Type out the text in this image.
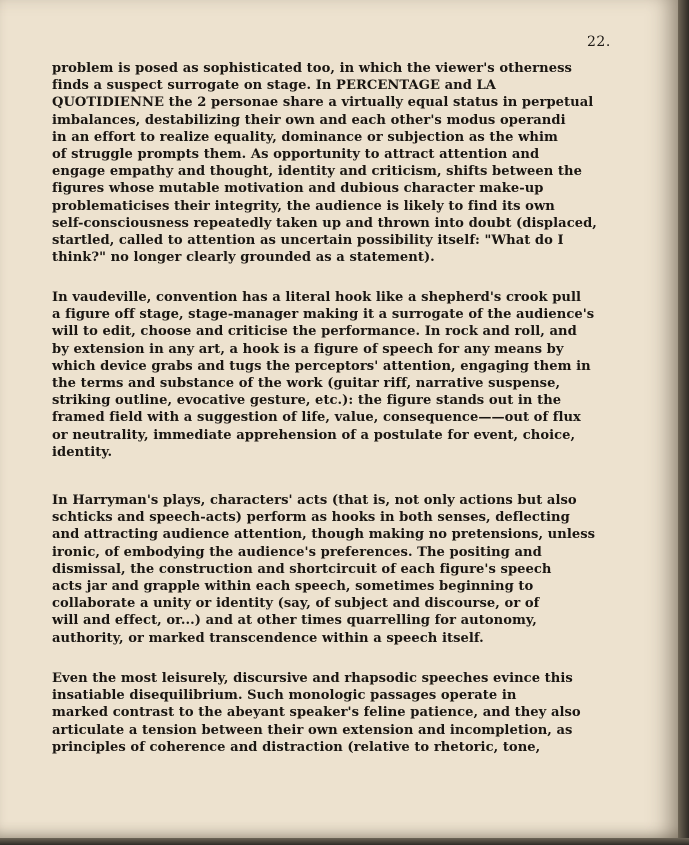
22.
problem is posed as sophisticated too, in which the viewer's otherness
finds a suspect surrogate on stage. In PERCENTAGE and LA
QUOTIDIENNE the 2 personae share a virtually equal status in perpetual
imbalances, destabilizing their own and each other's modus operandi
in an effort to realize equality, dominance or subjection as the whim
of struggle prompts them. As opportunity to attract attention and
engage empathy and thought, identity and criticism, shifts between the
figures whose mutable motivation and dubious character make-up
problematicises their integrity, the audience is likely to find its own
self-consciousness repeatedly taken up and thrown into doubt (displaced,
startled, called to attention as uncertain possibility itself: "What do I
think?" no longer clearly grounded as a statement).
In vaudeville, convention has a literal hook like a shepherd's crook pull
a figure off stage, stage-manager making it a surrogate of the audience's
will to edit, choose and criticise the performance. In rock and roll, and
by extension in any art, a hook is a figure of speech for any means by
which device grabs and tugs the perceptors' attention, engaging them in
the terms and substance of the work (guitar riff, narrative suspense,
striking outline, evocative gesture, etc.): the figure stands out in the
framed field with a suggestion of life, value, consequence——out of flux
or neutrality, immediate apprehension of a postulate for event, choice,
identity.
In Harryman's plays, characters' acts (that is, not only actions but also
schticks and speech-acts) perform as hooks in both senses, deflecting
and attracting audience attention, though making no pretensions, unless
ironic, of embodying the audience's preferences. The positing and
dismissal, the construction and shortcircuit of each figure's speech
acts jar and grapple within each speech, sometimes beginning to
collaborate a unity or identity (say, of subject and discourse, or of
will and effect, or...) and at other times quarrelling for autonomy,
authority, or marked transcendence within a speech itself.
Even the most leisurely, discursive and rhapsodic speeches evince this
insatiable disequilibrium. Such monologic passages operate in
marked contrast to the abeyant speaker's feline patience, and they also
articulate a tension between their own extension and incompletion, as
principles of coherence and distraction (relative to rhetoric, tone,
